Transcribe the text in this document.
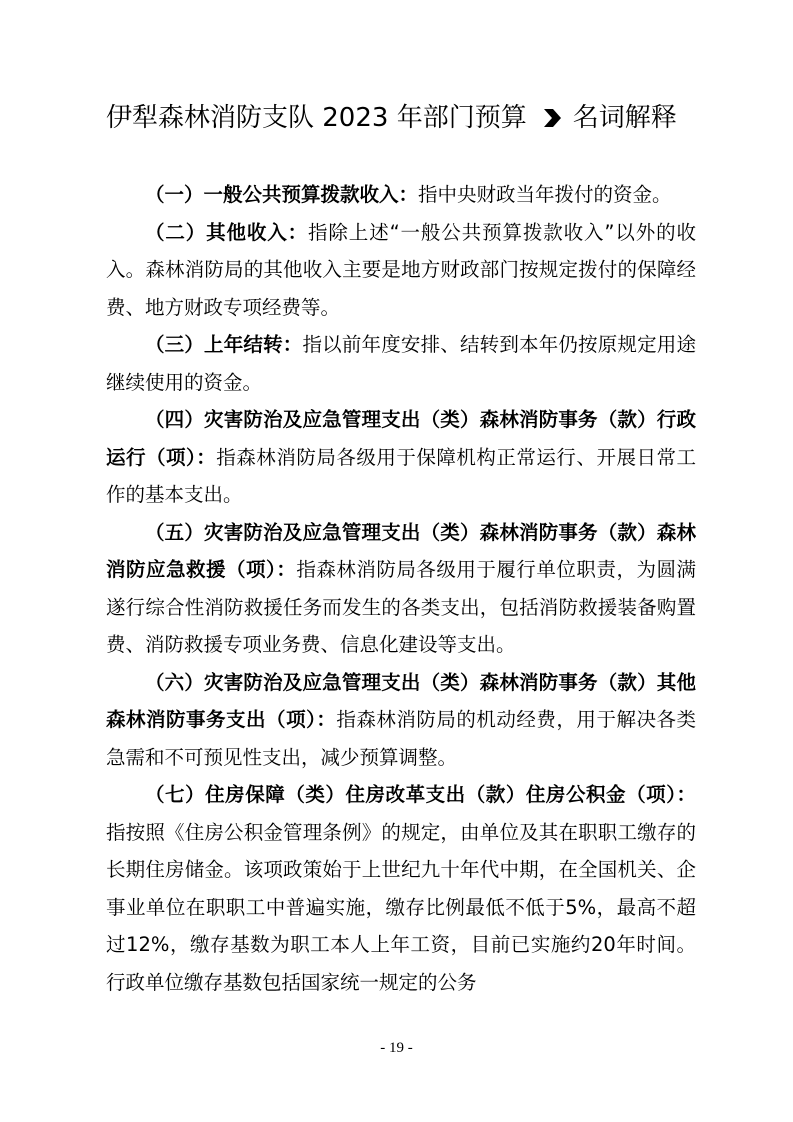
伊犁森林消防支队 2023 年部门预算 名词解释

（一）一般公共预算拨款收入：指中央财政当年拨付的资金。

（二）其他收入：指除上述“一般公共预算拨款收入”以外的收入。森林消防局的其他收入主要是地方财政部门按规定拨付的保障经费、地方财政专项经费等。

（三）上年结转：指以前年度安排、结转到本年仍按原规定用途继续使用的资金。

（四）灾害防治及应急管理支出（类）森林消防事务（款）行政运行（项）：指森林消防局各级用于保障机构正常运行、开展日常工作的基本支出。

（五）灾害防治及应急管理支出（类）森林消防事务（款）森林消防应急救援（项）：指森林消防局各级用于履行单位职责，为圆满遂行综合性消防救援任务而发生的各类支出，包括消防救援装备购置费、消防救援专项业务费、信息化建设等支出。

（六）灾害防治及应急管理支出（类）森林消防事务（款）其他森林消防事务支出（项）：指森林消防局的机动经费，用于解决各类急需和不可预见性支出，减少预算调整。

（七）住房保障（类）住房改革支出（款）住房公积金（项）：指按照《住房公积金管理条例》的规定，由单位及其在职职工缴存的长期住房储金。该项政策始于上世纪九十年代中期，在全国机关、企事业单位在职职工中普遍实施，缴存比例最低不低于5%，最高不超过12%，缴存基数为职工本人上年工资，目前已实施约20年时间。行政单位缴存基数包括国家统一规定的公务

- 19 -
